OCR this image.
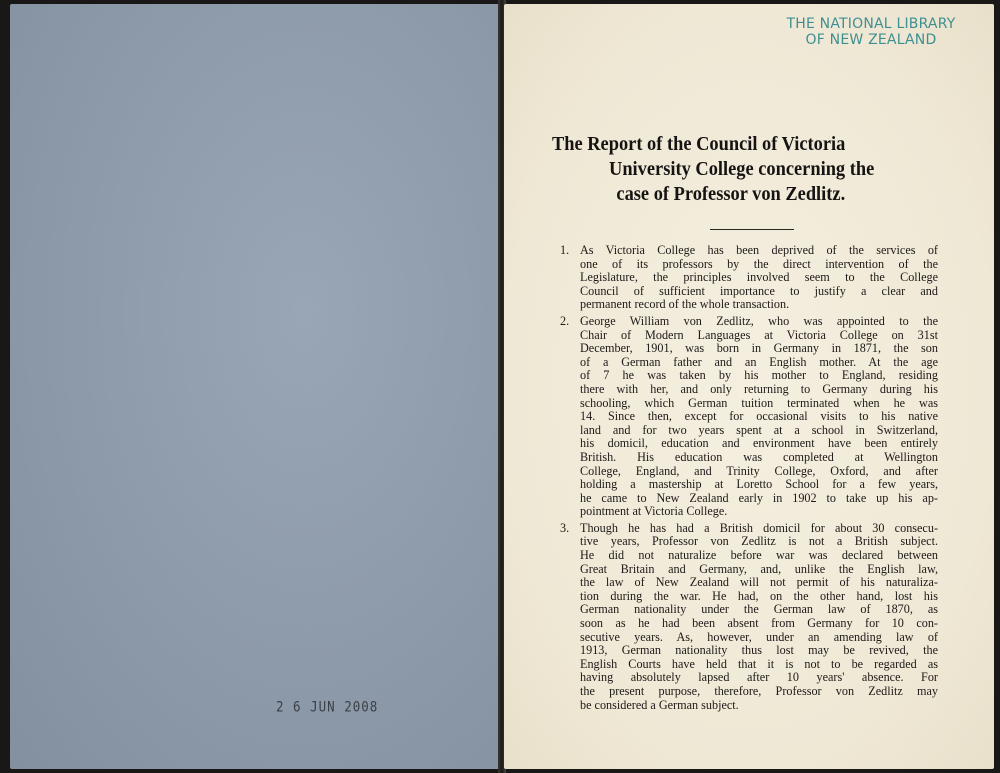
2 6 JUN 2008
THE NATIONAL LIBRARY
OF NEW ZEALAND
The Report of the Council of Victoria
University College concerning the
case of Professor von Zedlitz.
1. As Victoria College has been deprived of the services of
one of its professors by the direct intervention of the
Legislature, the principles involved seem to the College
Council of sufficient importance to justify a clear and
permanent record of the whole transaction.
2. George William von Zedlitz, who was appointed to the
Chair of Modern Languages at Victoria College on 31st
December, 1901, was born in Germany in 1871, the son
of a German father and an English mother. At the age
of 7 he was taken by his mother to England, residing
there with her, and only returning to Germany during his
schooling, which German tuition terminated when he was
14. Since then, except for occasional visits to his native
land and for two years spent at a school in Switzerland,
his domicil, education and environment have been entirely
British. His education was completed at Wellington
College, England, and Trinity College, Oxford, and after
holding a mastership at Loretto School for a few years,
he came to New Zealand early in 1902 to take up his ap-
pointment at Victoria College.
3. Though he has had a British domicil for about 30 consecu-
tive years, Professor von Zedlitz is not a British subject.
He did not naturalize before war was declared between
Great Britain and Germany, and, unlike the English law,
the law of New Zealand will not permit of his naturaliza-
tion during the war. He had, on the other hand, lost his
German nationality under the German law of 1870, as
soon as he had been absent from Germany for 10 con-
secutive years. As, however, under an amending law of
1913, German nationality thus lost may be revived, the
English Courts have held that it is not to be regarded as
having absolutely lapsed after 10 years' absence. For
the present purpose, therefore, Professor von Zedlitz may
be considered a German subject.
